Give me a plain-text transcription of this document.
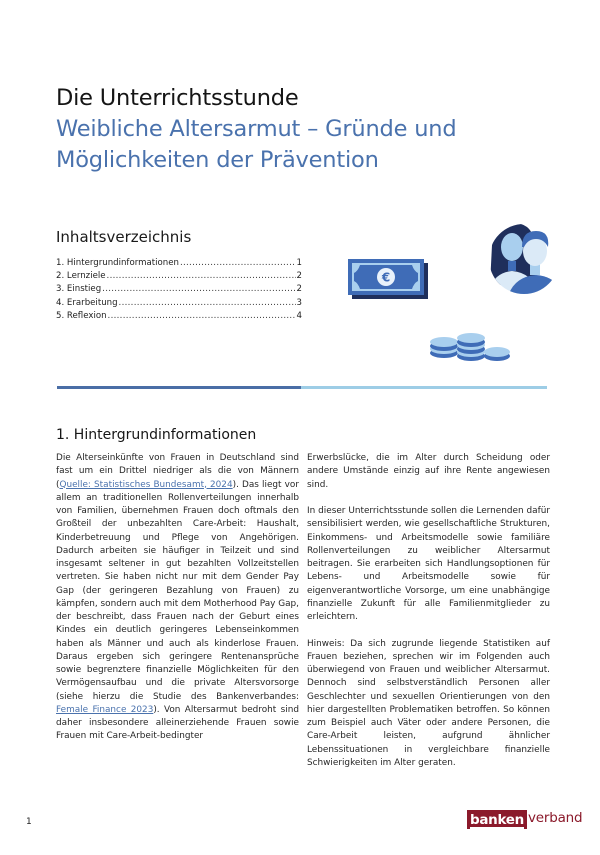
Die Unterrichtsstunde
Weibliche Altersarmut – Gründe und Möglichkeiten der Prävention
Inhaltsverzeichnis
1. Hintergrundinformationen .....	1
2. Lernziele .....	2
3. Einstieg .....	2
4. Erarbeitung .....	3
5. Reflexion .....	4
€
1. Hintergrundinformationen

Die Alterseinkünfte von Frauen in Deutschland sind fast um ein Drittel niedriger als die von Männern (Quelle: Statistisches Bundesamt, 2024). Das liegt vor allem an traditionellen Rollenverteilungen innerhalb von Familien, übernehmen Frauen doch oftmals den Großteil der unbezahlten Care-Arbeit: Haushalt, Kinderbetreuung und Pflege von Angehörigen. Dadurch arbeiten sie häufiger in Teilzeit und sind insgesamt seltener in gut bezahlten Vollzeitstellen vertreten. Sie haben nicht nur mit dem Gender Pay Gap (der geringeren Bezahlung von Frauen) zu kämpfen, sondern auch mit dem Motherhood Pay Gap, der beschreibt, dass Frauen nach der Geburt eines Kindes ein deutlich geringeres Lebenseinkommen haben als Männer und auch als kinderlose Frauen. Daraus ergeben sich geringere Rentenansprüche sowie begrenztere finanzielle Möglichkeiten für den Vermögensaufbau und die private Altersvorsorge (siehe hierzu die Studie des Bankenverbandes: Female Finance 2023). Von Altersarmut bedroht sind daher insbesondere alleinerziehende Frauen sowie Frauen mit Care-Arbeit-bedingter

Erwerbslücke, die im Alter durch Scheidung oder andere Umstände einzig auf ihre Rente angewiesen sind.

In dieser Unterrichtsstunde sollen die Lernenden dafür sensibilisiert werden, wie gesellschaftliche Strukturen, Einkommens- und Arbeitsmodelle sowie familiäre Rollenverteilungen zu weiblicher Altersarmut beitragen. Sie erarbeiten sich Handlungsoptionen für Lebens- und Arbeitsmodelle sowie für eigenverantwortliche Vorsorge, um eine unabhängige finanzielle Zukunft für alle Familienmitglieder zu erleichtern.

Hinweis: Da sich zugrunde liegende Statistiken auf Frauen beziehen, sprechen wir im Folgenden auch überwiegend von Frauen und weiblicher Altersarmut. Dennoch sind selbstverständlich Personen aller Geschlechter und sexuellen Orientierungen von den hier dargestellten Problematiken betroffen. So können zum Beispiel auch Väter oder andere Personen, die Care-Arbeit leisten, aufgrund ähnlicher Lebenssituationen in vergleichbare finanzielle Schwierigkeiten im Alter geraten.

1	banken verband
